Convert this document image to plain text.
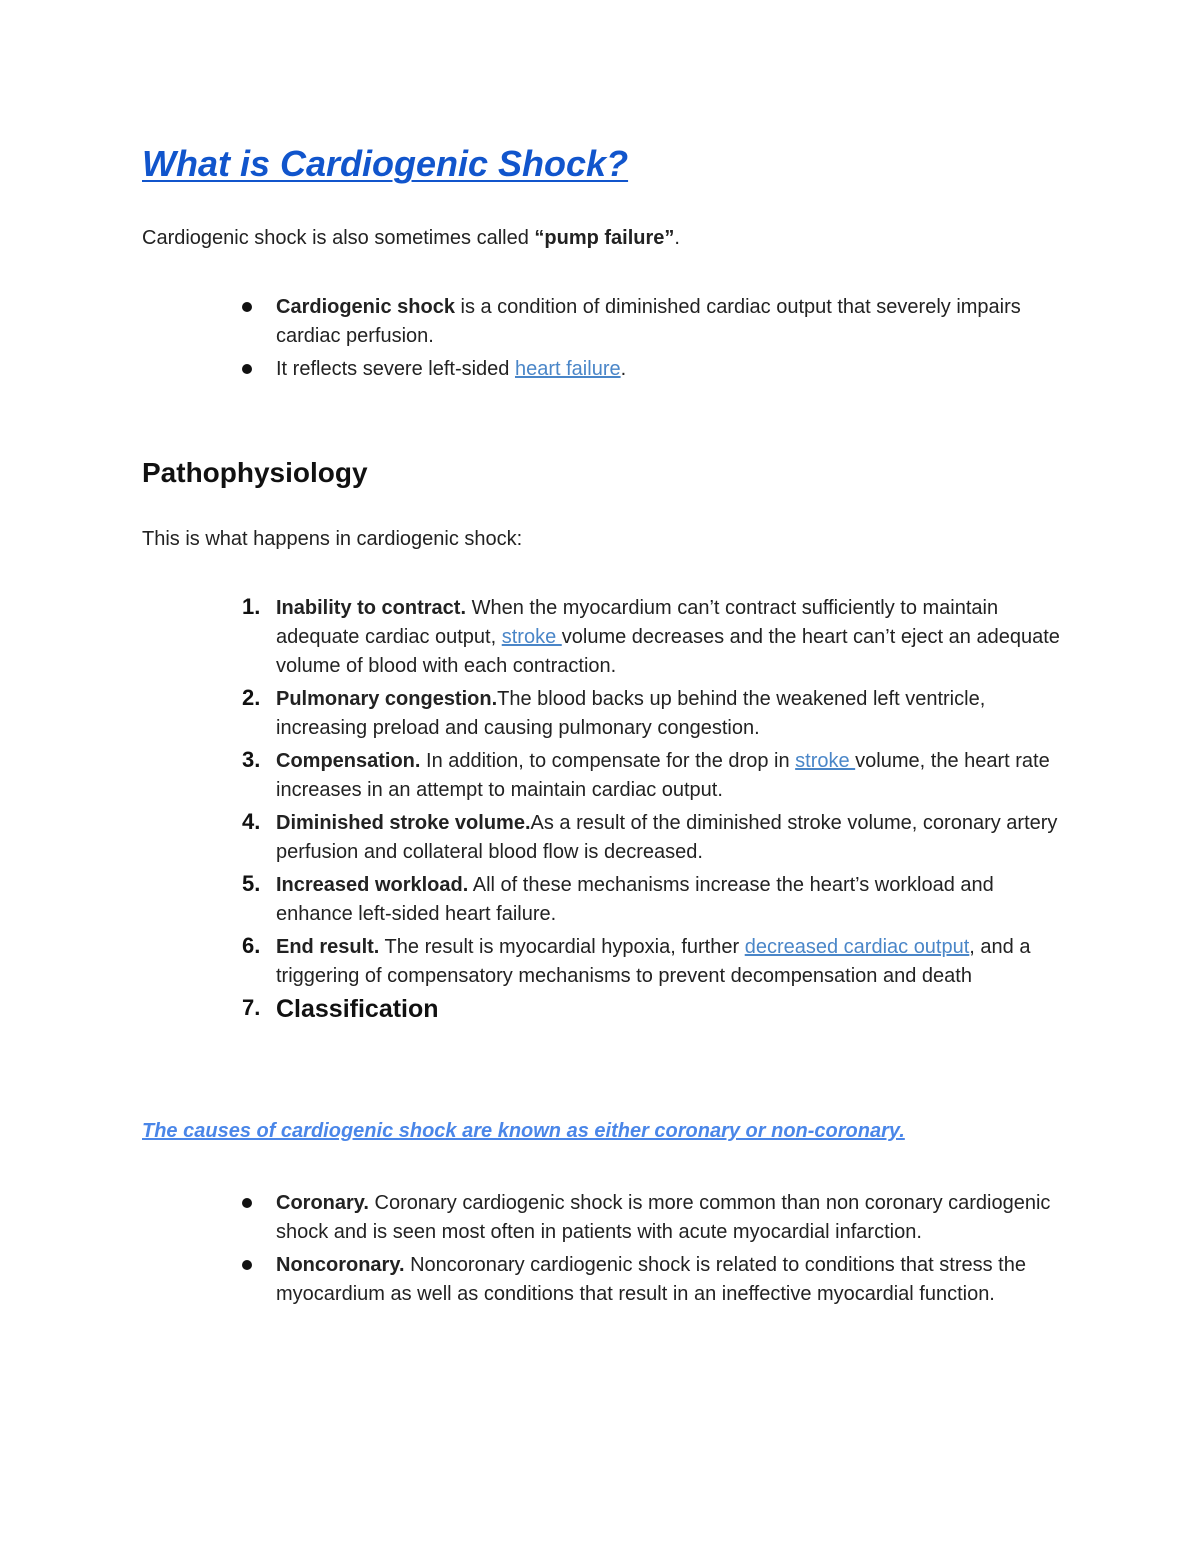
What is Cardiogenic Shock?

Cardiogenic shock is also sometimes called “pump failure”.

Cardiogenic shock is a condition of diminished cardiac output that severely impairs cardiac perfusion.
It reflects severe left-sided heart failure.
Pathophysiology

This is what happens in cardiogenic shock:

1. Inability to contract. When the myocardium can’t contract sufficiently to maintain adequate cardiac output, stroke volume decreases and the heart can’t eject an adequate volume of blood with each contraction.
2. Pulmonary congestion.The blood backs up behind the weakened left ventricle, increasing preload and causing pulmonary congestion.
3. Compensation. In addition, to compensate for the drop in stroke volume, the heart rate increases in an attempt to maintain cardiac output.
4. Diminished stroke volume.As a result of the diminished stroke volume, coronary artery perfusion and collateral blood flow is decreased.
5. Increased workload. All of these mechanisms increase the heart’s workload and enhance left-sided heart failure.
6. End result. The result is myocardial hypoxia, further decreased cardiac output, and a triggering of compensatory mechanisms to prevent decompensation and death
7. Classification

The causes of cardiogenic shock are known as either coronary or non-coronary.

Coronary. Coronary cardiogenic shock is more common than non coronary cardiogenic shock and is seen most often in patients with acute myocardial infarction.
Noncoronary. Noncoronary cardiogenic shock is related to conditions that stress the myocardium as well as conditions that result in an ineffective myocardial function.
